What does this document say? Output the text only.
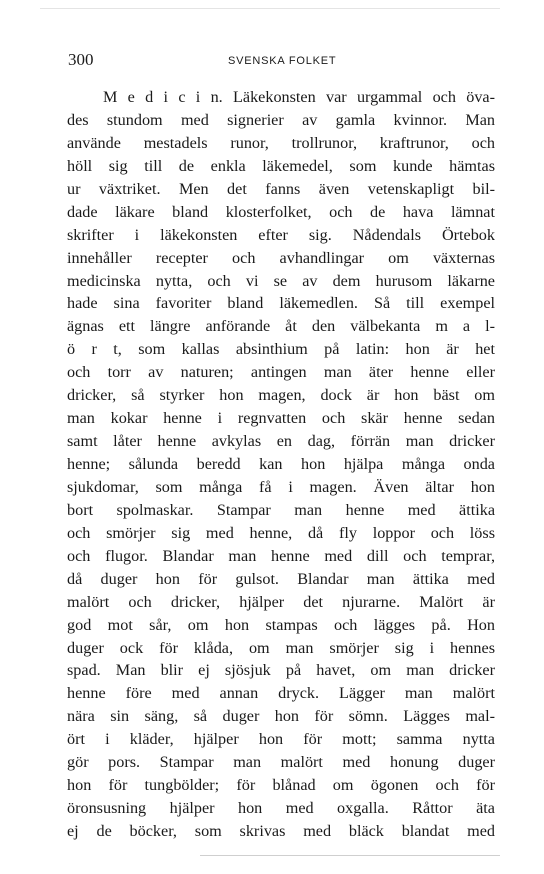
300	SVENSKA FOLKET
M e d i c i n. Läkekonsten var urgammal och öva-
des stundom med signerier av gamla kvinnor. Man
använde mestadels runor, trollrunor, kraftrunor, och
höll sig till de enkla läkemedel, som kunde hämtas
ur växtriket. Men det fanns även vetenskapligt bil-
dade läkare bland klosterfolket, och de hava lämnat
skrifter i läkekonsten efter sig. Nådendals Örtebok
innehåller recepter och avhandlingar om växternas
medicinska nytta, och vi se av dem hurusom läkarne
hade sina favoriter bland läkemedlen. Så till exempel
ägnas ett längre anförande åt den välbekanta m a l-
ö r t, som kallas absinthium på latin: hon är het
och torr av naturen; antingen man äter henne eller
dricker, så styrker hon magen, dock är hon bäst om
man kokar henne i regnvatten och skär henne sedan
samt låter henne avkylas en dag, förrän man dricker
henne; sålunda beredd kan hon hjälpa många onda
sjukdomar, som många få i magen. Även ältar hon
bort spolmaskar. Stampar man henne med ättika
och smörjer sig med henne, då fly loppor och löss
och flugor. Blandar man henne med dill och temprar,
då duger hon för gulsot. Blandar man ättika med
malört och dricker, hjälper det njurarne. Malört är
god mot sår, om hon stampas och lägges på. Hon
duger ock för klåda, om man smörjer sig i hennes
spad. Man blir ej sjösjuk på havet, om man dricker
henne före med annan dryck. Lägger man malört
nära sin säng, så duger hon för sömn. Lägges mal-
ört i kläder, hjälper hon för mott; samma nytta
gör pors. Stampar man malört med honung duger
hon för tungbölder; för blånad om ögonen och för
öronsusning hjälper hon med oxgalla. Råttor äta
ej de böcker, som skrivas med bläck blandat med
